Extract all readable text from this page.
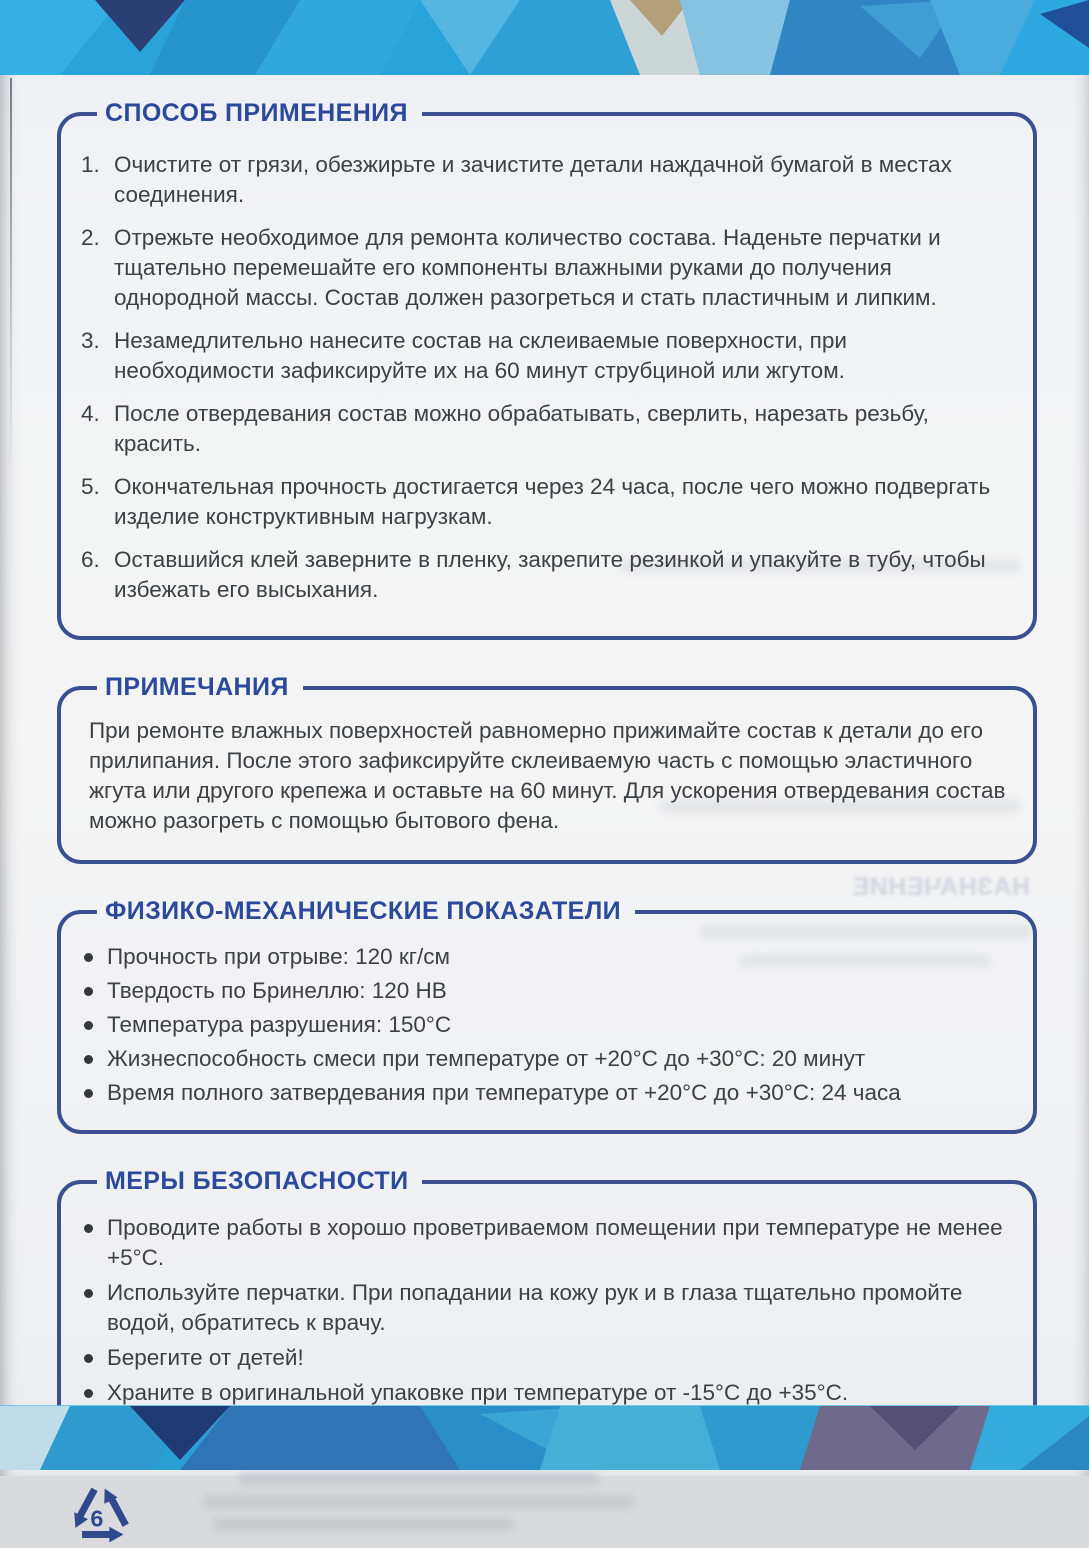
НАЗНАЧЕНИЕ
СПОСОБ ПРИМЕНЕНИЯ
Очистите от грязи, обезжирьте и зачистите детали наждачной бумагой в местах соединения.
Отрежьте необходимое для ремонта количество состава. Наденьте перчатки и тщательно перемешайте его компоненты влажными руками до получения однородной массы. Состав должен разогреться и стать пластичным и липким.
Незамедлительно нанесите состав на склеиваемые поверхности, при необходимости зафиксируйте их на 60 минут струбциной или жгутом.
После отвердевания состав можно обрабатывать, сверлить, нарезать резьбу, красить.
Окончательная прочность достигается через 24 часа, после чего можно подвергать изделие конструктивным нагрузкам.
Оставшийся клей заверните в пленку, закрепите резинкой и упакуйте в тубу, чтобы избежать его высыхания.
ПРИМЕЧАНИЯ

При ремонте влажных поверхностей равномерно прижимайте состав к детали до его прилипания. После этого зафиксируйте склеиваемую часть с помощью эластичного жгута или другого крепежа и оставьте на 60 минут. Для ускорения отвердевания состав можно разогреть с помощью бытового фена.

ФИЗИКО-МЕХАНИЧЕСКИЕ ПОКАЗАТЕЛИ
Прочность при отрыве: 120 кг/см
Твердость по Бринеллю: 120 HB
Температура разрушения: 150°C
Жизнеспособность смеси при температуре от +20°C до +30°C: 20 минут
Время полного затвердевания при температуре от +20°C до +30°C: 24 часа
МЕРЫ БЕЗОПАСНОСТИ
Проводите работы в хорошо проветриваемом помещении при температуре не менее +5°C.
Используйте перчатки. При попадании на кожу рук и в глаза тщательно промойте водой, обратитесь к врачу.
Берегите от детей!
Храните в оригинальной упаковке при температуре от -15°C до +35°C.
6
